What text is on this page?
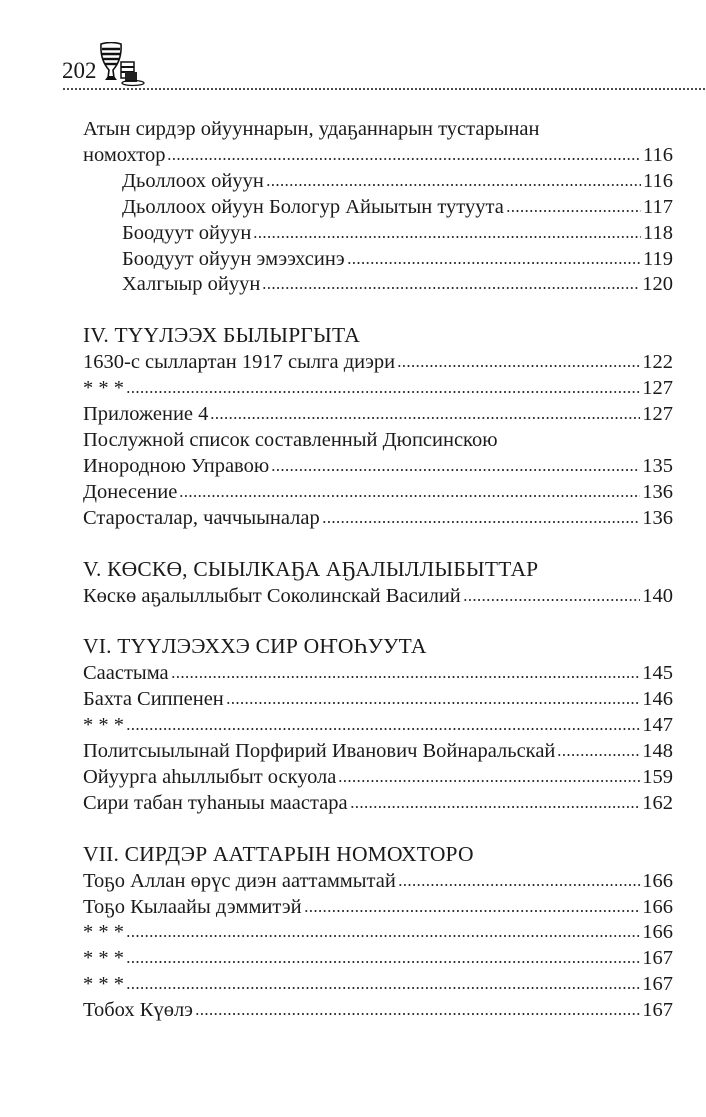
202
Атын сирдэр ойууннарын, удаҕаннарын тустарынан
номохтор	116
Дьоллоох ойуун	116
Дьоллоох ойуун Бологур Айыытын тутуута	117
Боодуут ойуун	118
Боодуут ойуун эмээхсинэ	119
Халгыыр ойуун	120
IV. ТҮҮЛЭЭХ БЫЛЫРГЫТА
1630-с сыллартан 1917 сылга диэри	122
* * *	127
Приложение 4	127
Послужной список составленный Дюпсинскою
Инородною Управою	135
Донесение	136
Старосталар, чаччыыналар	136
V. КӨСКӨ, СЫЫЛКАҔА АҔАЛЫЛЛЫБЫТТАР
Көскө аҕалыллыбыт Соколинскай Василий	140
VI. ТҮҮЛЭЭХХЭ СИР ОҤОҺУУТА
Саастыма	145
Бахта Сиппенен	146
* * *	147
Политсыылынай Порфирий Иванович Войнаральскай	148
Ойуурга аһыллыбыт оскуола	159
Сири табан туһаныы маастара	162
VII. СИРДЭР ААТТАРЫН НОМОХТОРО
Тоҕо Аллан өрүс диэн ааттаммытай	166
Тоҕо Кылаайы дэммитэй	166
* * *	166
* * *	167
* * *	167
Тобох Күөлэ	167
